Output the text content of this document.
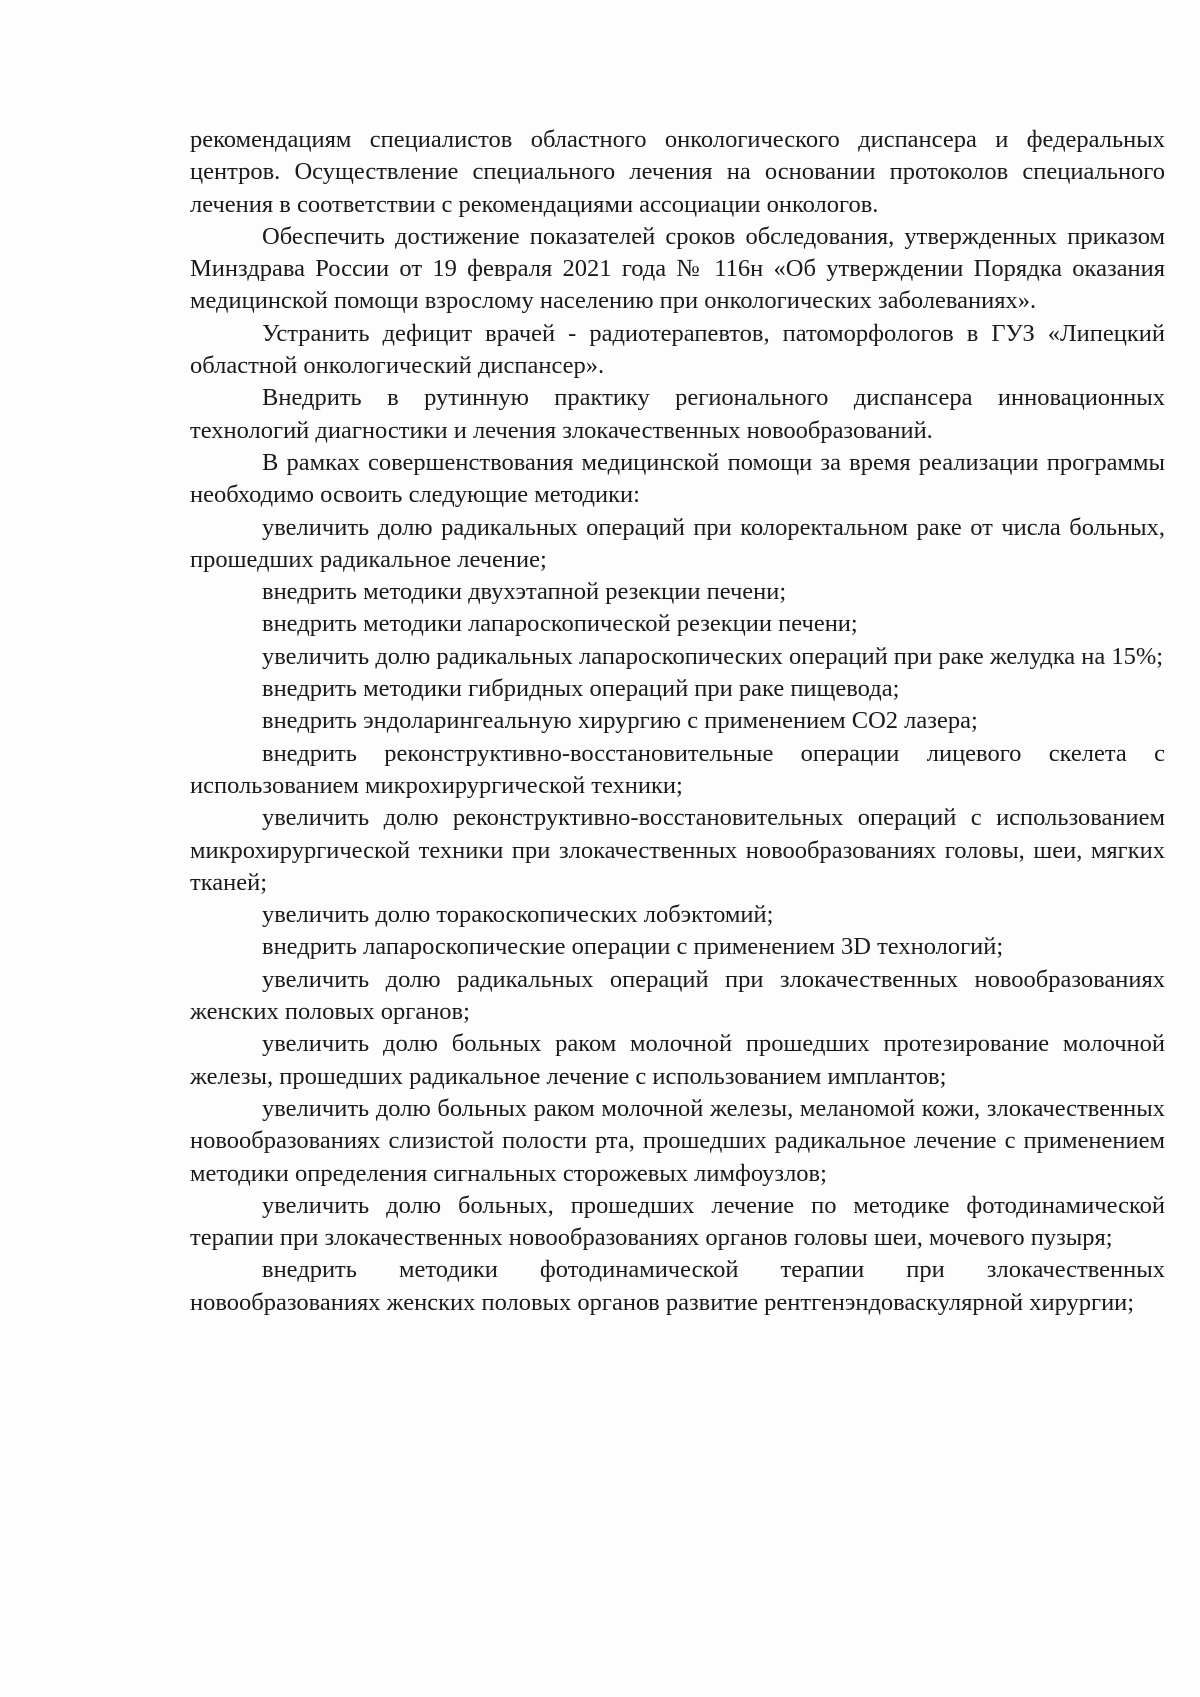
рекомендациям специалистов областного онкологического диспансера и федеральных центров. Осуществление специального лечения на основании протоколов специального лечения в соответствии с рекомендациями ассоциации онкологов.

Обеспечить достижение показателей сроков обследования, утвержденных приказом Минздрава России от 19 февраля 2021 года № 116н «Об утверждении Порядка оказания медицинской помощи взрослому населению при онкологических заболеваниях».

Устранить дефицит врачей - радиотерапевтов, патоморфологов в ГУЗ «Липецкий областной онкологический диспансер».

Внедрить в рутинную практику регионального диспансера инновационных технологий диагностики и лечения злокачественных новообразований.

В рамках совершенствования медицинской помощи за время реализации программы необходимо освоить следующие методики:

увеличить долю радикальных операций при колоректальном раке от числа больных, прошедших радикальное лечение;

внедрить методики двухэтапной резекции печени;

внедрить методики лапароскопической резекции печени;

увеличить долю радикальных лапароскопических операций при раке желудка на 15%;

внедрить методики гибридных операций при раке пищевода;

внедрить эндоларингеальную хирургию с применением СО2 лазера;

внедрить реконструктивно-восстановительные операции лицевого скелета с использованием микрохирургической техники;

увеличить долю реконструктивно-восстановительных операций с использованием микрохирургической техники при злокачественных новообразованиях головы, шеи, мягких тканей;

увеличить долю торакоскопических лобэктомий;

внедрить лапароскопические операции с применением 3D технологий;

увеличить долю радикальных операций при злокачественных новообразованиях женских половых органов;

увеличить долю больных раком молочной прошедших протезирование молочной железы, прошедших радикальное лечение с использованием имплантов;

увеличить долю больных раком молочной железы, меланомой кожи, злокачественных новообразованиях слизистой полости рта, прошедших радикальное лечение с применением методики определения сигнальных сторожевых лимфоузлов;

увеличить долю больных, прошедших лечение по методике фотодинамической терапии при злокачественных новообразованиях органов головы шеи, мочевого пузыря;

внедрить методики фотодинамической терапии при злокачественных новообразованиях женских половых органов развитие рентгенэндоваскулярной хирургии;
